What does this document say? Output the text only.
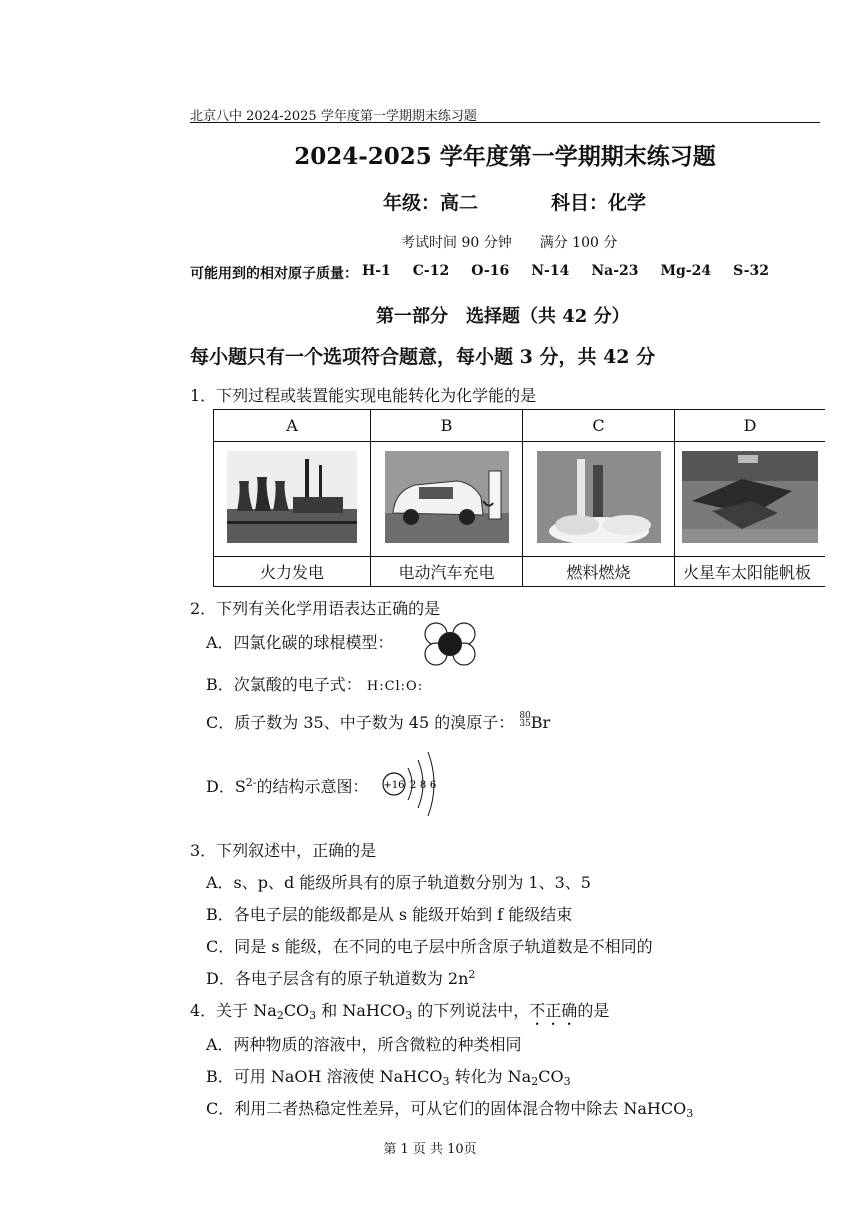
北京八中 2024-2025 学年度第一学期期末练习题
2024-2025 学年度第一学期期末练习题
年级：高二	科目：化学
考试时间 90 分钟　　满分 100 分
可能用到的相对原子质量： H-1 C-12 O-16 N-14 Na-23 Mg-24 S-32
第一部分　选择题（共 42 分）
每小题只有一个选项符合题意，每小题 3 分，共 42 分
1．下列过程或装置能实现电能转化为化学能的是
A	B	C	D

火力发电	电动汽车充电	燃料燃烧	火星车太阳能帆板
2．下列有关化学用语表达正确的是
A．四氯化碳的球棍模型：
B．次氯酸的电子式： H:Cl:O:
C．质子数为 35、中子数为 45 的溴原子： 80
35Br
D．$S^{2-}$的结构示意图： +16 2 8 6
3．下列叙述中，正确的是
A．s、p、d 能级所具有的原子轨道数分别为 1、3、5
B．各电子层的能级都是从 s 能级开始到 f 能级结束
C．同是 s 能级，在不同的电子层中所含原子轨道数是不相同的
D．各电子层含有的原子轨道数为 $2n^2$
4．关于 $Na_2CO_3$ 和 NaHCO$_3$ 的下列说法中，不正确的是
A．两种物质的溶液中，所含微粒的种类相同
B．可用 NaOH 溶液使 NaHCO$_3$ 转化为 $Na_2CO_3$
C．利用二者热稳定性差异，可从它们的固体混合物中除去 NaHCO$_3$
第 1 页 共 10页
